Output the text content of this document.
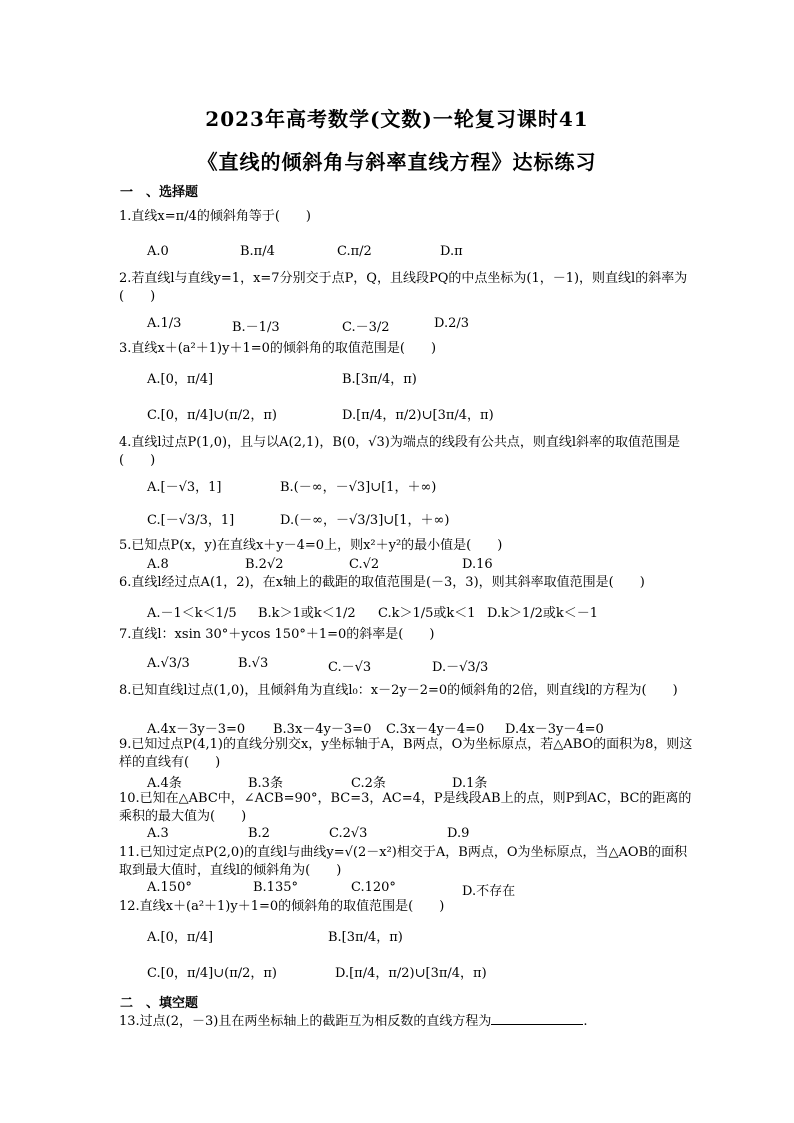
2023年高考数学(文数)一轮复习课时41
《直线的倾斜角与斜率直线方程》达标练习
一　、选择题
1.直线x=π/4的倾斜角等于(　　)
A.0	B.π/4	C.π/2	D.π
2.若直线l与直线y=1，x=7分别交于点P，Q，且线段PQ的中点坐标为(1，－1)，则直线l的斜率为(　　)
A.1/3	B.－1/3	C.－3/2	D.2/3
3.直线x＋(a²＋1)y＋1=0的倾斜角的取值范围是(　　)
A.[0，π/4]	B.[3π/4，π)
C.[0，π/4]∪(π/2，π)	D.[π/4，π/2)∪[3π/4，π)
4.直线l过点P(1,0)，且与以A(2,1)，B(0，√3)为端点的线段有公共点，则直线l斜率的取值范围是(　　)
A.[－√3，1]	B.(－∞，－√3]∪[1，＋∞)
C.[－√3/3，1]	D.(－∞，－√3/3]∪[1，＋∞)
5.已知点P(x，y)在直线x＋y－4=0上，则x²＋y²的最小值是(　　)
A.8	B.2√2	C.√2	D.16
6.直线l经过点A(1，2)，在x轴上的截距的取值范围是(－3，3)，则其斜率取值范围是(　　)
A.－1＜k＜1/5 B.k＞1或k＜1/2 C.k＞1/5或k＜1 D.k＞1/2或k＜－1
7.直线l：xsin 30°＋ycos 150°＋1=0的斜率是(　　)
A.√3/3	B.√3	C.－√3	D.－√3/3
8.已知直线l过点(1,0)，且倾斜角为直线l₀：x－2y－2=0的倾斜角的2倍，则直线l的方程为(　　)
A.4x－3y－3=0 B.3x－4y－3=0 C.3x－4y－4=0 D.4x－3y－4=0
9.已知过点P(4,1)的直线分别交x，y坐标轴于A，B两点，O为坐标原点，若△ABO的面积为8，则这样的直线有(　　)
A.4条	B.3条	C.2条	D.1条
10.已知在△ABC中，∠ACB=90°，BC=3，AC=4，P是线段AB上的点，则P到AC，BC的距离的乘积的最大值为(　　)
A.3	B.2	C.2√3	D.9
11.已知过定点P(2,0)的直线l与曲线y=√(2－x²)相交于A，B两点，O为坐标原点，当△AOB的面积取到最大值时，直线l的倾斜角为(　　)
A.150°	B.135°	C.120°	D.不存在
12.直线x＋(a²＋1)y＋1=0的倾斜角的取值范围是(　　)
A.[0，π/4]	B.[3π/4，π)
C.[0，π/4]∪(π/2，π)	D.[π/4，π/2)∪[3π/4，π)
二　、填空题
13.过点(2，－3)且在两坐标轴上的截距互为相反数的直线方程为	.
